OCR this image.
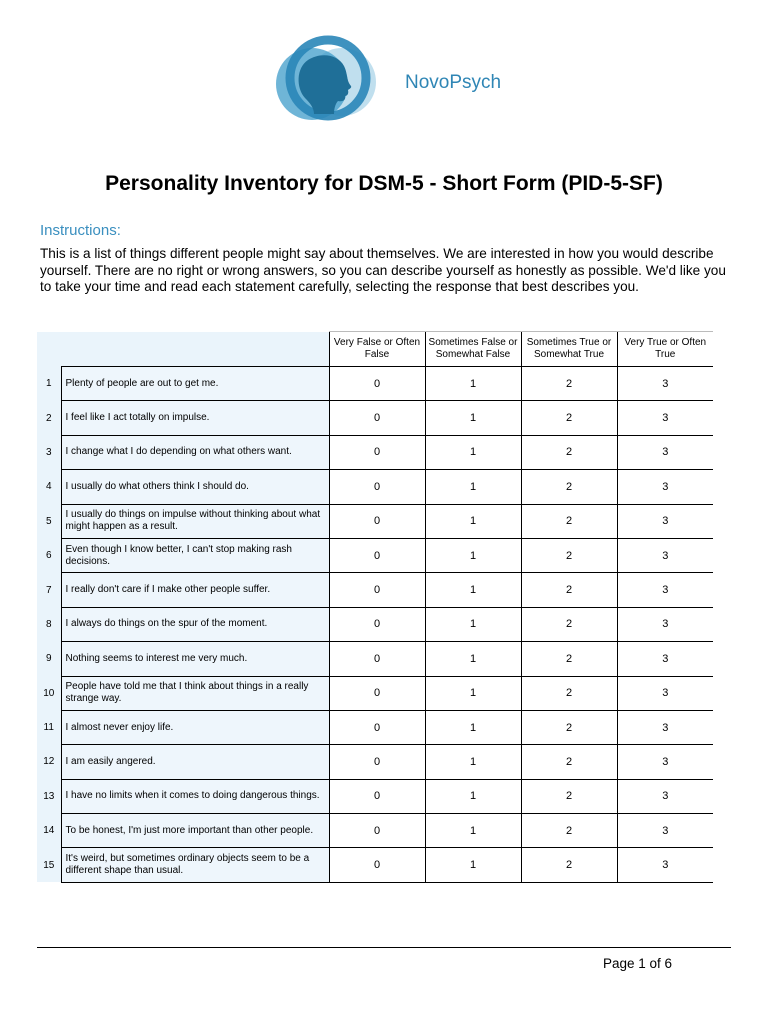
NovoPsych
Personality Inventory for DSM-5 - Short Form (PID-5-SF)
Instructions:

This is a list of things different people might say about themselves. We are interested in how you would describe yourself. There are no right or wrong answers, so you can describe yourself as honestly as possible. We'd like you to take your time and read each statement carefully, selecting the response that best describes you.

		Very False or Often False	Sometimes False or Somewhat False	Sometimes True or Somewhat True	Very True or Often True
1	Plenty of people are out to get me.	0	1	2	3
2	I feel like I act totally on impulse.	0	1	2	3
3	I change what I do depending on what others want.	0	1	2	3
4	I usually do what others think I should do.	0	1	2	3
5	I usually do things on impulse without thinking about what might happen as a result.	0	1	2	3
6	Even though I know better, I can't stop making rash decisions.	0	1	2	3
7	I really don't care if I make other people suffer.	0	1	2	3
8	I always do things on the spur of the moment.	0	1	2	3
9	Nothing seems to interest me very much.	0	1	2	3
10	People have told me that I think about things in a really strange way.	0	1	2	3
11	I almost never enjoy life.	0	1	2	3
12	I am easily angered.	0	1	2	3
13	I have no limits when it comes to doing dangerous things.	0	1	2	3
14	To be honest, I'm just more important than other people.	0	1	2	3
15	It's weird, but sometimes ordinary objects seem to be a different shape than usual.	0	1	2	3
Page 1 of 6
